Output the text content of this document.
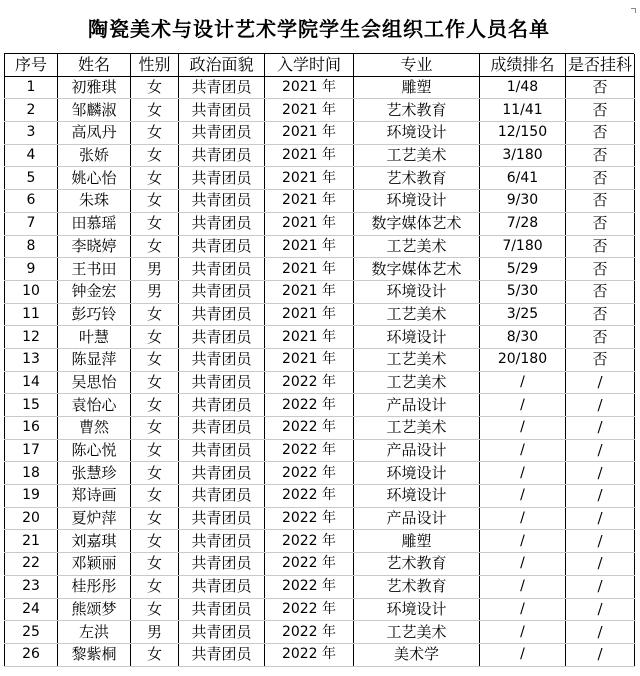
陶瓷美术与设计艺术学院学生会组织工作人员名单
序号	姓名	性别	政治面貌	入学时间	专业	成绩排名	是否挂科
1	初雅琪	女	共青团员	2021 年	雕塑	1/48	否
2	邹麟淑	女	共青团员	2021 年	艺术教育	11/41	否
3	高凤丹	女	共青团员	2021 年	环境设计	12/150	否
4	张娇	女	共青团员	2021 年	工艺美术	3/180	否
5	姚心怡	女	共青团员	2021 年	艺术教育	6/41	否
6	朱珠	女	共青团员	2021 年	环境设计	9/30	否
7	田慕瑶	女	共青团员	2021 年	数字媒体艺术	7/28	否
8	李晓婷	女	共青团员	2021 年	工艺美术	7/180	否
9	王书田	男	共青团员	2021 年	数字媒体艺术	5/29	否
10	钟金宏	男	共青团员	2021 年	环境设计	5/30	否
11	彭巧铃	女	共青团员	2021 年	工艺美术	3/25	否
12	叶慧	女	共青团员	2021 年	环境设计	8/30	否
13	陈显萍	女	共青团员	2021 年	工艺美术	20/180	否
14	吴思怡	女	共青团员	2022 年	工艺美术	/	/
15	袁怡心	女	共青团员	2022 年	产品设计	/	/
16	曹然	女	共青团员	2022 年	工艺美术	/	/
17	陈心悦	女	共青团员	2022 年	产品设计	/	/
18	张慧珍	女	共青团员	2022 年	环境设计	/	/
19	郑诗画	女	共青团员	2022 年	环境设计	/	/
20	夏炉萍	女	共青团员	2022 年	产品设计	/	/
21	刘嘉琪	女	共青团员	2022 年	雕塑	/	/
22	邓颖丽	女	共青团员	2022 年	艺术教育	/	/
23	桂彤彤	女	共青团员	2022 年	艺术教育	/	/
24	熊颂梦	女	共青团员	2022 年	环境设计	/	/
25	左洪	男	共青团员	2022 年	工艺美术	/	/
26	黎紫桐	女	共青团员	2022 年	美术学	/	/
